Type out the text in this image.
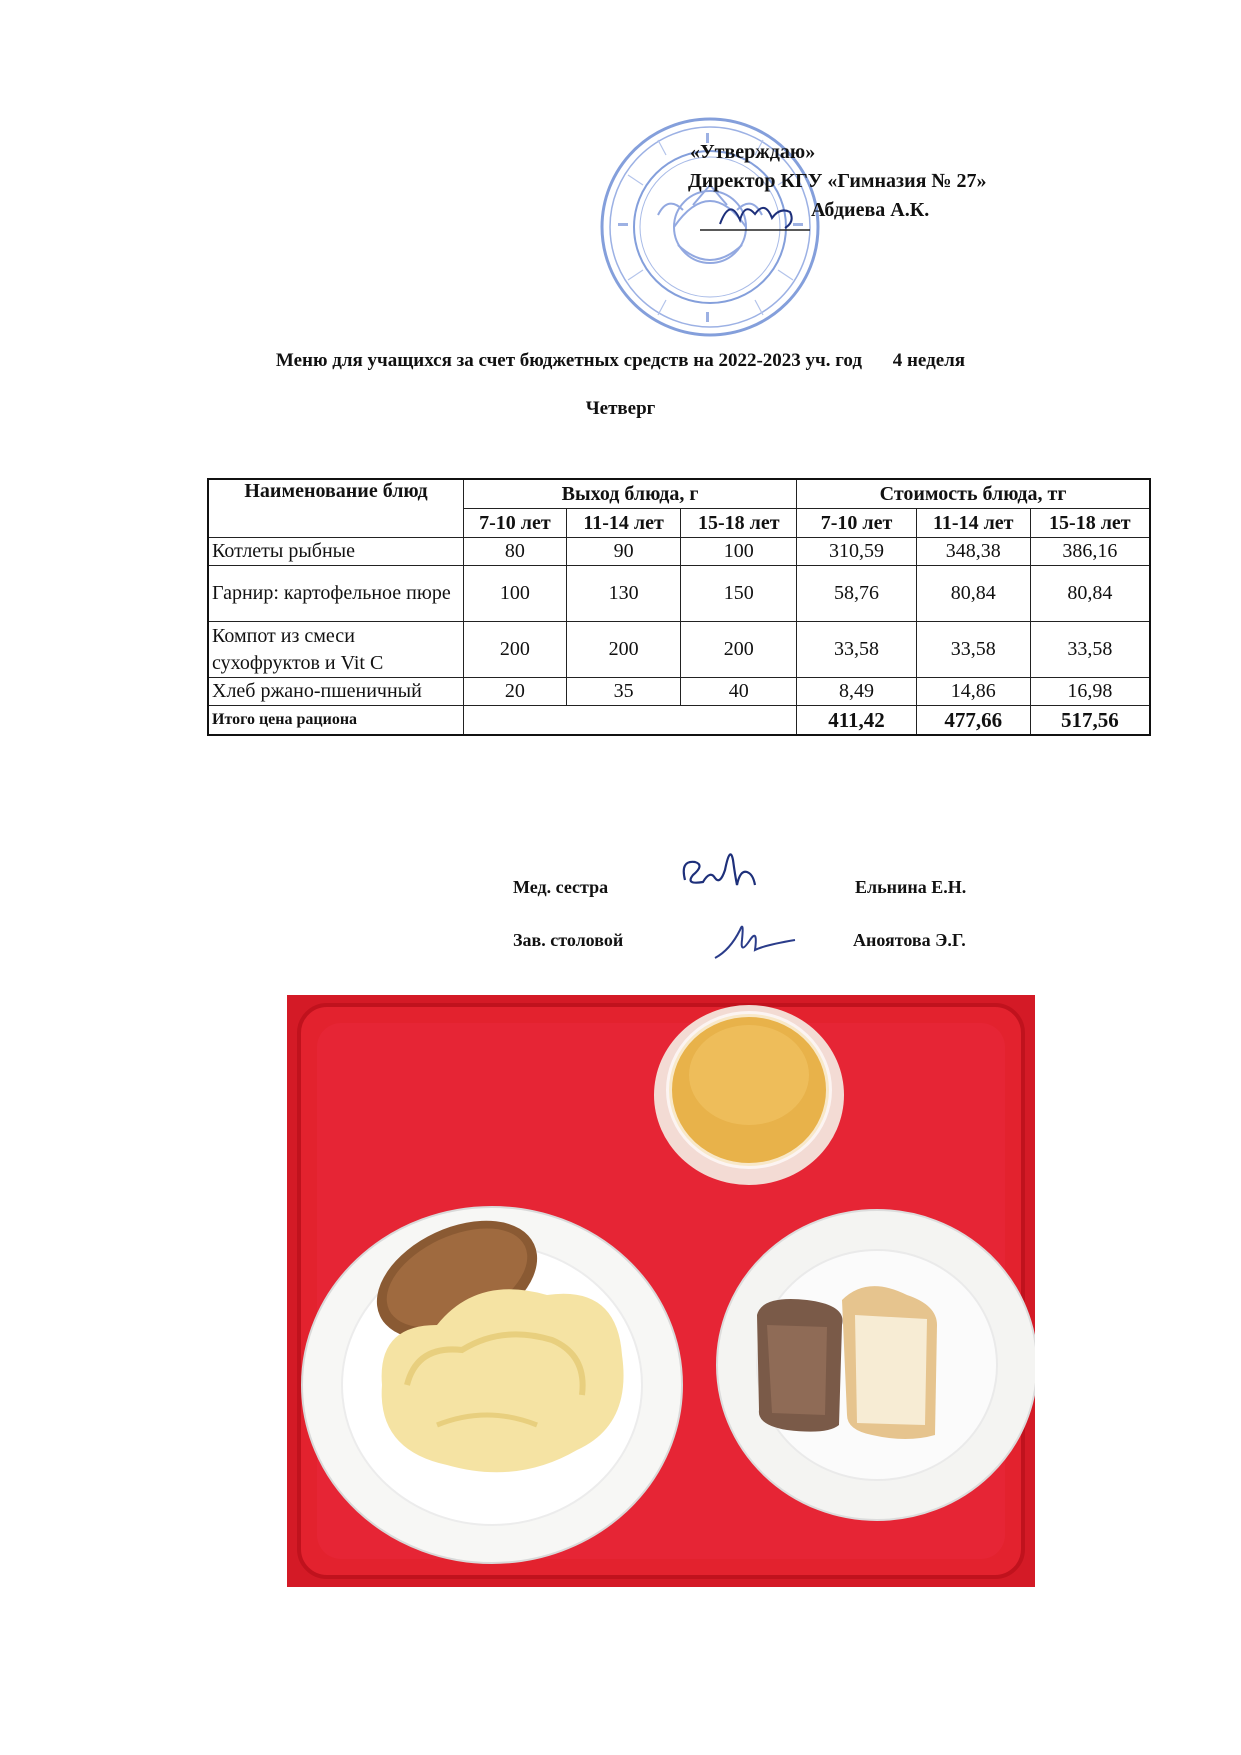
«Утверждаю»
Директор КГУ «Гимназия № 27»
Абдиева А.К.
Меню для учащихся за счет бюджетных средств на 2022-2023 уч. год 4 неделя
Четверг
Наименование блюд	Выход блюда, г			Стоимость блюда, тг		
	7-10 лет	11-14 лет	15-18 лет	7-10 лет	11-14 лет	15-18 лет
Котлеты рыбные	80	90	100	310,59	348,38	386,16
Гарнир: картофельное пюре	100	130	150	58,76	80,84	80,84
Компот из смеси сухофруктов и Vit C	200	200	200	33,58	33,58	33,58
Хлеб ржано-пшеничный	20	35	40	8,49	14,86	16,98
Итого цена рациона				411,42	477,66	517,56
Мед. сестра	Ельнина Е.Н.
Зав. столовой	Аноятова Э.Г.
